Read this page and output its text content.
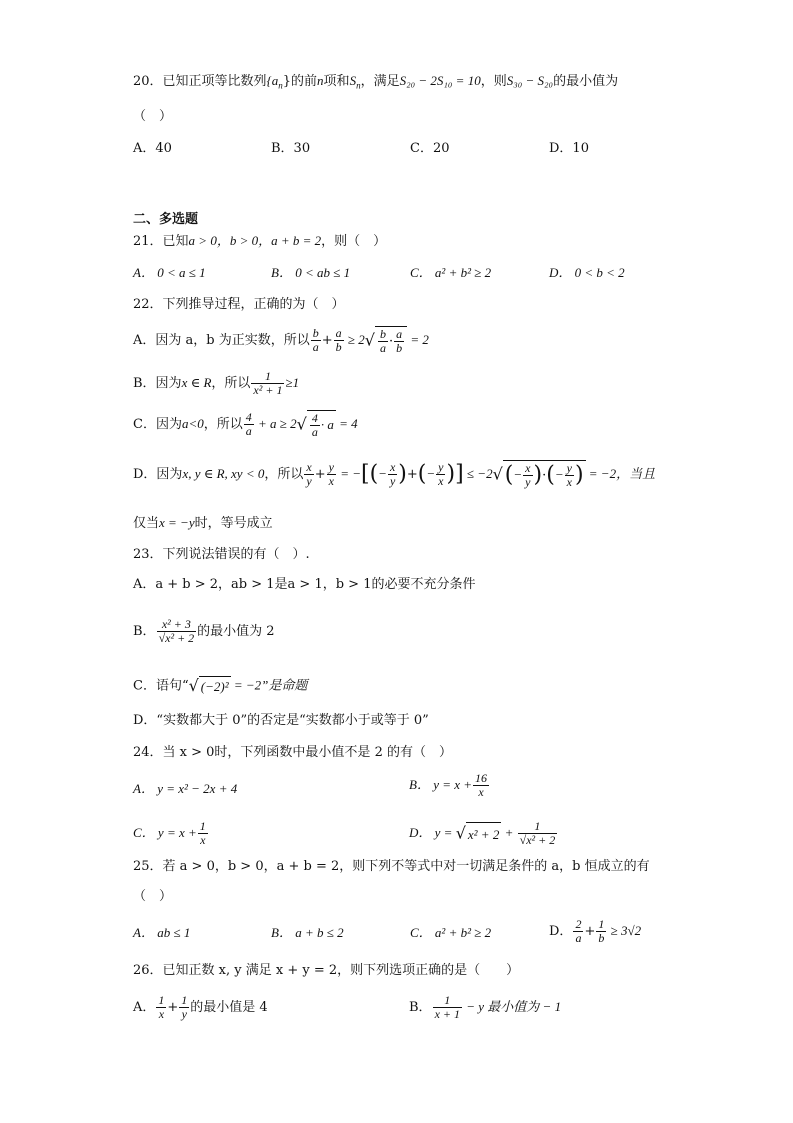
20．已知正项等比数列$\{a_n\}$的前n项和$S_n$，满足S₂₀ − 2S₁₀ = 10，则S₃₀ − S₂₀的最小值为
（　）
A．40	B．30	C．20	D．10
二、多选题
21．已知a > 0，b > 0，a + b = 2，则（　）
A． 0 < a ≤ 1	B． 0 < ab ≤ 1	C． a² + b² ≥ 2	D． 0 < b < 2
22．下列推导过程，正确的为（　）
A．因为 a，b 为正实数，所以 $\frac{b}{a} + \frac{a}{b} \ge 2√ \frac{b}{a} \cdot \frac{a}{b} = 2$
B．因为x ∈ R，所以 $\frac{1}{\text{x² + 1}} \ge 1$
C．因为a<0，所以 $\frac{4}{a} + a \ge 2√ \frac{4}{a} \cdot a = 4$
D．因为x, y ∈ R, xy < 0，所以 $\frac{x}{y} + \frac{y}{x}$ = −[(− $\frac{x}{y}$ )+(− $\frac{y}{x}$ )] ≤ $-2√(- \frac{x}{y}$ )·(− $\frac{y}{x}$ ) = −2，当且
仅当x = −y时，等号成立
23．下列说法错误的有（　）.
A．a + b > 2，ab > 1是a > 1，b > 1的必要不充分条件
B． $\frac{\text{x² + 3}}{\text{√x² + 2}}$ 的最小值为 2
C．语句“√ (−2)² = −2”是命题
D．“实数都大于 0”的否定是“实数都小于或等于 0”
24．当 x > 0时，下列函数中最小值不是 2 的有（　）
A． y = x² − 2x + 4	B． $y = x + \frac{16}{x}$
C． $y = x + \frac{1}{x}$	D． y = √ $x^2 + 2 + \frac{1}{\text{√x² + 2}}$
25．若 a > 0，b > 0，a + b = 2，则下列不等式中对一切满足条件的 a，b 恒成立的有
（　）
A． ab ≤ 1	B． a + b ≤ 2	C． a² + b² ≥ 2	D． $\frac{2}{a} + \frac{1}{b} \ge 3√2$
26．已知正数 x, y 满足 x + y = 2，则下列选项正确的是（　　）
A． $\frac{1}{x} + \frac{1}{y}$ 的最小值是 4	B． $\frac{1}{x + 1} - y$ 最小值为 − 1
